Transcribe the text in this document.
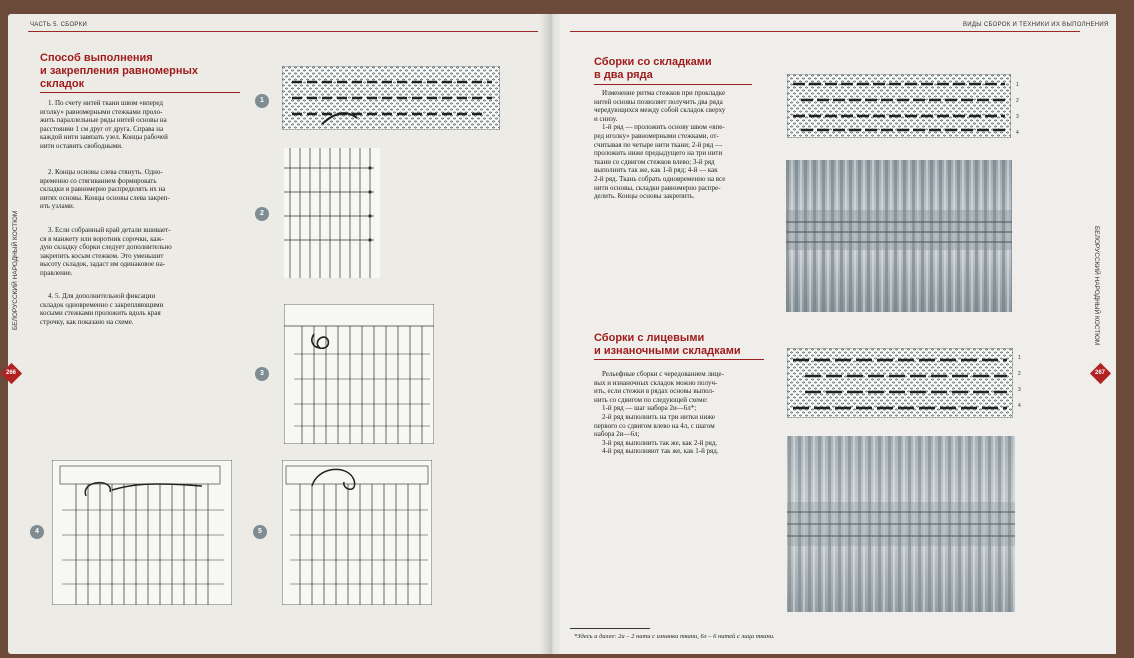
ЧАСТЬ 5. СБОРКИ
БЕЛОРУССКИЙ НАРОДНЫЙ КОСТЮМ
266
Способ выполнения
и закрепления равномерных
складок
1. По счету нитей ткани швом «вперед
иголку» равномерными стежками проло-
жить параллельные ряды нитей основы на
расстоянии 1 см друг от друга. Справа на
каждой нити завязать узел. Концы рабочей
нити оставить свободными.
2. Концы основы слева стянуть. Одно-
временно со стягиванием формировать
складки и равномерно распределять их на
нитях основы. Концы основы слева закреп-
ить узлами.
3. Если собранный край детали вшивает-
ся в манжету или воротник сорочки, каж-
дую складку сборки следует дополнительно
закрепить косым стежком. Это уменьшит
высоту складок, задаст им одинаковое на-
правление.
4. 5. Для дополнительной фиксации
складок одновременно с закрепляющими
косыми стежками проложить вдоль края
строчку, как показано на схеме.
1
2
3
4	5
ВИДЫ СБОРОК И ТЕХНИКИ ИХ ВЫПОЛНЕНИЯ
БЕЛОРУССКИЙ НАРОДНЫЙ КОСТЮМ
267
Сборки со складками
в два ряда
Изменение ритма стежков при прокладке
нитей основы позволяет получить два ряда
чередующихся между собой складок сверху
и снизу.
1-й ряд — проложить основу швом «впе-
ред иголку» равномерными стежками, от-
считывая по четыре нити ткани; 2-й ряд —
проложить ниже предыдущего на три нити
ткани со сдвигом стежков влево; 3-й ряд
выполнить так же, как 1-й ряд; 4-й — как
2-й ряд. Ткань собрать одновременно на все
нити основы, складки равномерно распре-
делить. Концы основы закрепить.
1
2
3
4
Сборки с лицевыми
и изнаночными складками
Рельефные сборки с чередованием лице-
вых и изнаночных складок можно получ-
ить, если стежки в рядах основы выпол-
нить со сдвигом по следующей схеме:
1-й ряд — шаг набора 2и—6л*;
2-й ряд выполнить на три нитки ниже
первого со сдвигом влево на 4л, с шагом
набора 2и—6л;
3-й ряд выполнить так же, как 2-й ряд.
4-й ряд выполняют так же, как 1-й ряд.
1
2
3
4
*Здесь и далее: 2и – 2 нити с изнанки ткани, 6л – 6 нитей с лица ткани.
